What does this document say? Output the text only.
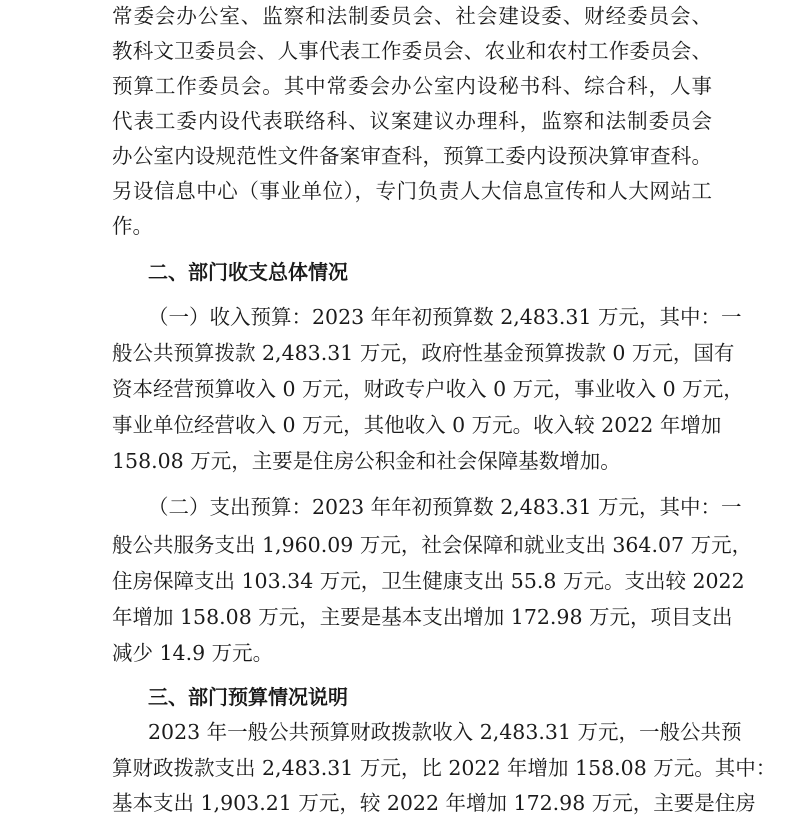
常委会办公室、监察和法制委员会、社会建设委、财经委员会、
教科文卫委员会、人事代表工作委员会、农业和农村工作委员会、
预算工作委员会。其中常委会办公室内设秘书科、综合科，人事
代表工委内设代表联络科、议案建议办理科，监察和法制委员会
办公室内设规范性文件备案审查科，预算工委内设预决算审查科。
另设信息中心（事业单位），专门负责人大信息宣传和人大网站工
作。
二、部门收支总体情况
（一）收入预算：2023 年年初预算数 2,483.31 万元，其中：一
般公共预算拨款 2,483.31 万元，政府性基金预算拨款 0 万元，国有
资本经营预算收入 0 万元，财政专户收入 0 万元，事业收入 0 万元，
事业单位经营收入 0 万元，其他收入 0 万元。收入较 2022 年增加
158.08 万元，主要是住房公积金和社会保障基数增加。
（二）支出预算：2023 年年初预算数 2,483.31 万元，其中：一
般公共服务支出 1,960.09 万元，社会保障和就业支出 364.07 万元，
住房保障支出 103.34 万元，卫生健康支出 55.8 万元。支出较 2022
年增加 158.08 万元，主要是基本支出增加 172.98 万元，项目支出
减少 14.9 万元。
三、部门预算情况说明
2023 年一般公共预算财政拨款收入 2,483.31 万元，一般公共预
算财政拨款支出 2,483.31 万元，比 2022 年增加 158.08 万元。其中：
基本支出 1,903.21 万元，较 2022 年增加 172.98 万元，主要是住房
